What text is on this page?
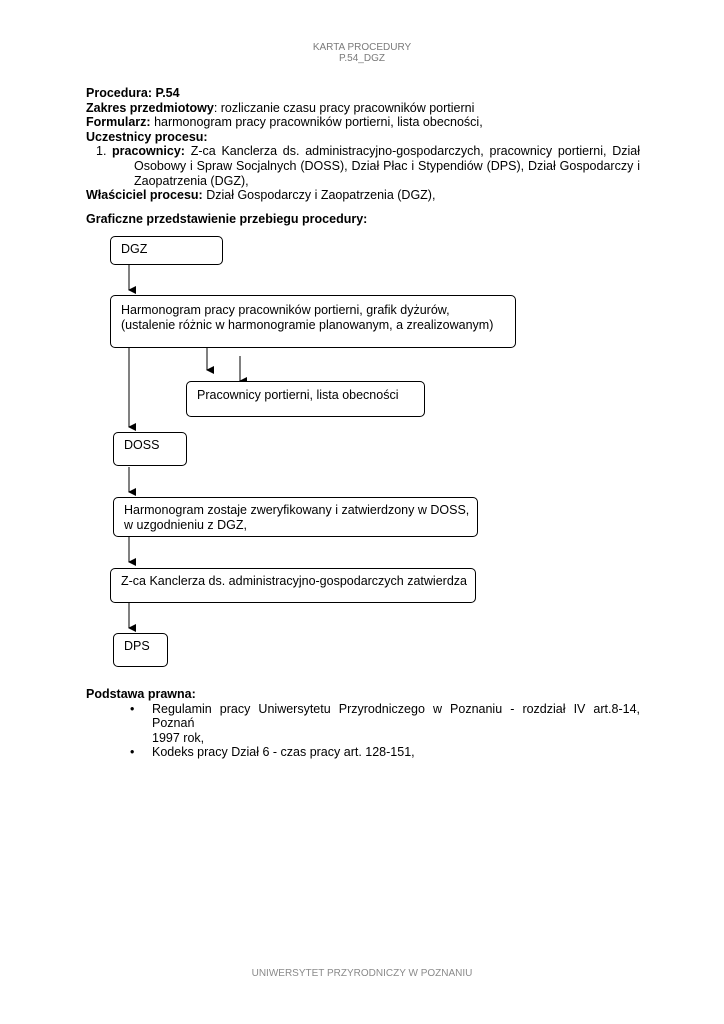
KARTA PROCEDURY
P.54_DGZ
Procedura: P.54
Zakres przedmiotowy: rozliczanie czasu pracy pracowników portierni
Formularz: harmonogram pracy pracowników portierni, lista obecności,
Uczestnicy procesu:
1. pracownicy: Z-ca Kanclerza ds. administracyjno-gospodarczych, pracownicy portierni, Dział
Osobowy i Spraw Socjalnych (DOSS), Dział Płac i Stypendiów (DPS), Dział Gospodarczy i
Zaopatrzenia (DGZ),
Właściciel procesu: Dział Gospodarczy i Zaopatrzenia (DGZ),
Graficzne przedstawienie przebiegu procedury:
DGZ
Harmonogram pracy pracowników portierni, grafik dyżurów,
(ustalenie różnic w harmonogramie planowanym, a zrealizowanym)
Pracownicy portierni, lista obecności
DOSS
Harmonogram zostaje zweryfikowany i zatwierdzony w DOSS,
w uzgodnieniu z DGZ,
Z-ca Kanclerza ds. administracyjno-gospodarczych zatwierdza
DPS
Podstawa prawna:
• Regulamin pracy Uniwersytetu Przyrodniczego w Poznaniu - rozdział IV art.8-14, Poznań
1997 rok,
• Kodeks pracy Dział 6 - czas pracy art. 128-151,
UNIWERSYTET PRZYRODNICZY W POZNANIU
